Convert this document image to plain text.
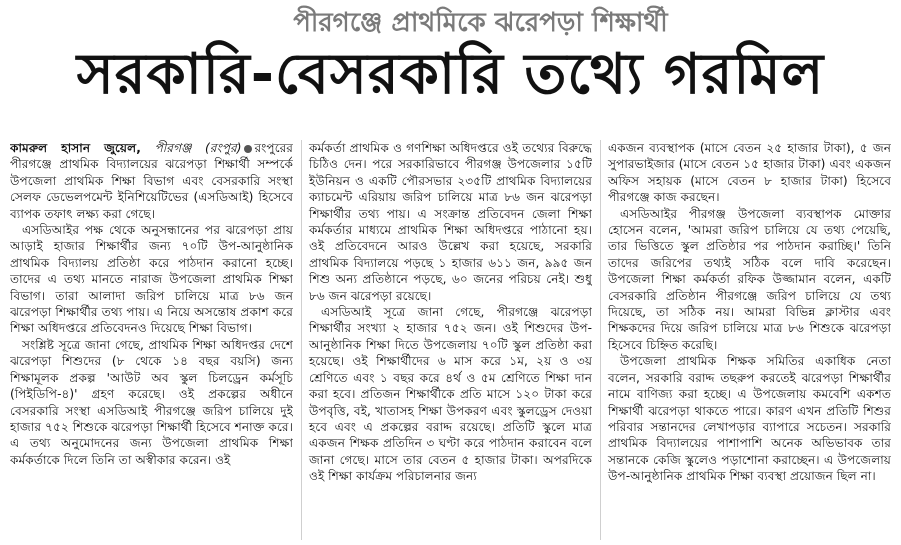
পীরগঞ্জে প্রাথমিকে ঝরেপড়া শিক্ষার্থী
সরকারি-বেসরকারি তথ্যে গরমিল

কামরুল হাসান জুয়েল, পীরগঞ্জ (রংপুর) রংপুরের পীরগঞ্জে প্রাথমিক বিদ্যালয়ের ঝরেপড়া শিক্ষার্থী সম্পর্কে উপজেলা প্রাথমিক শিক্ষা বিভাগ এবং বেসরকারি সংস্থা সেলফ ডেভেলপমেন্ট ইনিশিয়েটিভের (এসডিআই) হিসেবে ব্যাপক তফাৎ লক্ষ্য করা গেছে।

এসডিআইর পক্ষ থেকে অনুসন্ধানের পর ঝরেপড়া প্রায় আড়াই হাজার শিক্ষার্থীর জন্য ৭০টি উপ-আনুষ্ঠানিক প্রাথমিক বিদ্যালয় প্রতিষ্ঠা করে পাঠদান করানো হচ্ছে। তাদের এ তথ্য মানতে নারাজ উপজেলা প্রাথমিক শিক্ষা বিভাগ। তারা আলাদা জরিপ চালিয়ে মাত্র ৮৬ জন ঝরেপড়া শিক্ষার্থীর তথ্য পায়। এ নিয়ে অসন্তোষ প্রকাশ করে শিক্ষা অধিদপ্তরে প্রতিবেদনও দিয়েছে শিক্ষা বিভাগ।

সংশ্লিষ্ট সূত্রে জানা গেছে, প্রাথমিক শিক্ষা অধিদপ্তর দেশে ঝরেপড়া শিশুদের (৮ থেকে ১৪ বছর বয়সি) জন্য শিক্ষামূলক প্রকল্প 'আউট অব স্কুল চিলড্রেন কর্মসূচি (পিইডিপি-৪)' গ্রহণ করেছে। ওই প্রকল্পের অধীনে বেসরকারি সংস্থা এসডিআই পীরগঞ্জে জরিপ চালিয়ে দুই হাজার ৭৫২ শিশুকে ঝরেপড়া শিক্ষার্থী হিসেবে শনাক্ত করে। এ তথ্য অনুমোদনের জন্য উপজেলা প্রাথমিক শিক্ষা কর্মকর্তাকে দিলে তিনি তা অস্বীকার করেন। ওই

কর্মকর্তা প্রাথমিক ও গণশিক্ষা অধিদপ্তরে ওই তথ্যের বিরুদ্ধে চিঠিও দেন। পরে সরকারিভাবে পীরগঞ্জ উপজেলার ১৫টি ইউনিয়ন ও একটি পৌরসভার ২৩৫টি প্রাথমিক বিদ্যালয়ের ক্যাচমেন্ট এরিয়ায় জরিপ চালিয়ে মাত্র ৮৬ জন ঝরেপড়া শিক্ষার্থীর তথ্য পায়। এ সংক্রান্ত প্রতিবেদন জেলা শিক্ষা কর্মকর্তার মাধ্যমে প্রাথমিক শিক্ষা অধিদপ্তরে পাঠানো হয়। ওই প্রতিবেদনে আরও উল্লেখ করা হয়েছে, সরকারি প্রাথমিক বিদ্যালয়ে পড়ছে ১ হাজার ৬১১ জন, ৯৯৫ জন শিশু অন্য প্রতিষ্ঠানে পড়ছে, ৬০ জনের পরিচয় নেই। শুধু ৮৬ জন ঝরেপড়া রয়েছে।

এসডিআই সূত্রে জানা গেছে, পীরগঞ্জে ঝরেপড়া শিক্ষার্থীর সংখ্যা ২ হাজার ৭৫২ জন। ওই শিশুদের উপ-আনুষ্ঠানিক শিক্ষা দিতে উপজেলায় ৭০টি স্কুল প্রতিষ্ঠা করা হয়েছে। ওই শিক্ষার্থীদের ৬ মাস করে ১ম, ২য় ও ৩য় শ্রেণিতে এবং ১ বছর করে ৪র্থ ও ৫ম শ্রেণিতে শিক্ষা দান করা হবে। প্রতিজন শিক্ষার্থীকে প্রতি মাসে ১২০ টাকা করে উপবৃত্তি, বই, খাতাসহ শিক্ষা উপকরণ এবং স্কুলড্রেস দেওয়া হবে এবং এ প্রকল্পের বরাদ্দ রয়েছে। প্রতিটি স্কুলে মাত্র একজন শিক্ষক প্রতিদিন ৩ ঘণ্টা করে পাঠদান করাবেন বলে জানা গেছে। মাসে তার বেতন ৫ হাজার টাকা। অপরদিকে ওই শিক্ষা কার্যক্রম পরিচালনার জন্য

একজন ব্যবস্থাপক (মাসে বেতন ২৫ হাজার টাকা), ৫ জন সুপারভাইজার (মাসে বেতন ১৫ হাজার টাকা) এবং একজন অফিস সহায়ক (মাসে বেতন ৮ হাজার টাকা) হিসেবে পীরগঞ্জে কাজ করছেন।

এসডিআইর পীরগঞ্জ উপজেলা ব্যবস্থাপক মোক্তার হোসেন বলেন, 'আমরা জরিপ চালিয়ে যে তথ্য পেয়েছি, তার ভিত্তিতে স্কুল প্রতিষ্ঠার পর পাঠদান করাচ্ছি।' তিনি তাদের জরিপের তথ্যই সঠিক বলে দাবি করেছেন। উপজেলা শিক্ষা কর্মকর্তা রফিক উজ্জামান বলেন, একটি বেসরকারি প্রতিষ্ঠান পীরগঞ্জে জরিপ চালিয়ে যে তথ্য দিয়েছে, তা সঠিক নয়। আমরা বিভিন্ন ক্লাস্টার এবং শিক্ষকদের দিয়ে জরিপ চালিয়ে মাত্র ৮৬ শিশুকে ঝরেপড়া হিসেবে চিহ্নিত করেছি।

উপজেলা প্রাথমিক শিক্ষক সমিতির একাধিক নেতা বলেন, সরকারি বরাদ্দ তছরুপ করতেই ঝরেপড়া শিক্ষার্থীর নামে বাণিজ্য করা হচ্ছে। এ উপজেলায় কমবেশি একশত শিক্ষার্থী ঝরেপড়া থাকতে পারে। কারণ এখন প্রতিটি শিশুর পরিবার সন্তানদের লেখাপড়ার ব্যাপারে সচেতন। সরকারি প্রাথমিক বিদ্যালয়ের পাশাপাশি অনেক অভিভাবক তার সন্তানকে কেজি স্কুলেও পড়াশোনা করাচ্ছেন। এ উপজেলায় উপ-আনুষ্ঠানিক প্রাথমিক শিক্ষা ব্যবস্থা প্রয়োজন ছিল না।
